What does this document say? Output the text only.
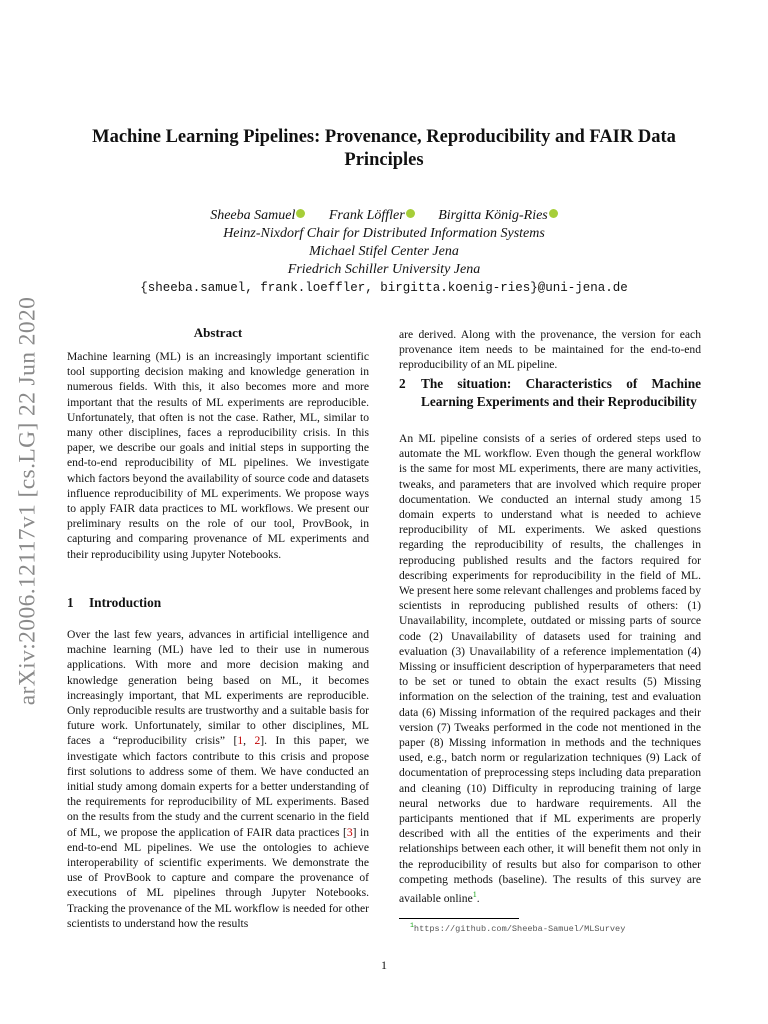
arXiv:2006.12117v1 [cs.LG] 22 Jun 2020
Machine Learning Pipelines: Provenance, Reproducibility and FAIR Data Principles
Sheeba Samuel Frank Löffler Birgitta König-Ries
Heinz-Nixdorf Chair for Distributed Information Systems
Michael Stifel Center Jena
Friedrich Schiller University Jena
{sheeba.samuel, frank.loeffler, birgitta.koenig-ries}@uni-jena.de
Abstract

Machine learning (ML) is an increasingly important scientific tool supporting decision making and knowledge generation in numerous fields. With this, it also becomes more and more important that the results of ML experiments are reproducible. Unfortunately, that often is not the case. Rather, ML, similar to many other disciplines, faces a reproducibility crisis. In this paper, we describe our goals and initial steps in supporting the end-to-end reproducibility of ML pipelines. We investigate which factors beyond the availability of source code and datasets influence reproducibility of ML experiments. We propose ways to apply FAIR data practices to ML workflows. We present our preliminary results on the role of our tool, ProvBook, in capturing and comparing provenance of ML experiments and their reproducibility using Jupyter Notebooks.

1 Introduction

Over the last few years, advances in artificial intelligence and machine learning (ML) have led to their use in numerous applications. With more and more decision making and knowledge generation being based on ML, it becomes increasingly important, that ML experiments are reproducible. Only reproducible results are trustworthy and a suitable basis for future work. Unfortunately, similar to other disciplines, ML faces a “reproducibility crisis” [1, 2]. In this paper, we investigate which factors contribute to this crisis and propose first solutions to address some of them. We have conducted an initial study among domain experts for a better understanding of the requirements for reproducibility of ML experiments. Based on the results from the study and the current scenario in the field of ML, we propose the application of FAIR data practices [3] in end-to-end ML pipelines. We use the ontologies to achieve interoperability of scientific experiments. We demonstrate the use of ProvBook to capture and compare the provenance of executions of ML pipelines through Jupyter Notebooks. Tracking the provenance of the ML workflow is needed for other scientists to understand how the results

are derived. Along with the provenance, the version for each provenance item needs to be maintained for the end-to-end reproducibility of an ML pipeline.

2	The situation: Characteristics of Machine Learning Experiments and their Reproducibility

An ML pipeline consists of a series of ordered steps used to automate the ML workflow. Even though the general workflow is the same for most ML experiments, there are many activities, tweaks, and parameters that are involved which require proper documentation. We conducted an internal study among 15 domain experts to understand what is needed to achieve reproducibility of ML experiments. We asked questions regarding the reproducibility of results, the challenges in reproducing published results and the factors required for describing experiments for reproducibility in the field of ML. We present here some relevant challenges and problems faced by scientists in reproducing published results of others: (1) Unavailability, incomplete, outdated or missing parts of source code (2) Unavailability of datasets used for training and evaluation (3) Unavailability of a reference implementation (4) Missing or insufficient description of hyperparameters that need to be set or tuned to obtain the exact results (5) Missing information on the selection of the training, test and evaluation data (6) Missing information of the required packages and their version (7) Tweaks performed in the code not mentioned in the paper (8) Missing information in methods and the techniques used, e.g., batch norm or regularization techniques (9) Lack of documentation of preprocessing steps including data preparation and cleaning (10) Difficulty in reproducing training of large neural networks due to hardware requirements. All the participants mentioned that if ML experiments are properly described with all the entities of the experiments and their relationships between each other, it will benefit them not only in the reproducibility of results but also for comparison to other competing methods (baseline). The results of this survey are available online$^1$.

$^1$https://github.com/Sheeba-Samuel/MLSurvey
1
